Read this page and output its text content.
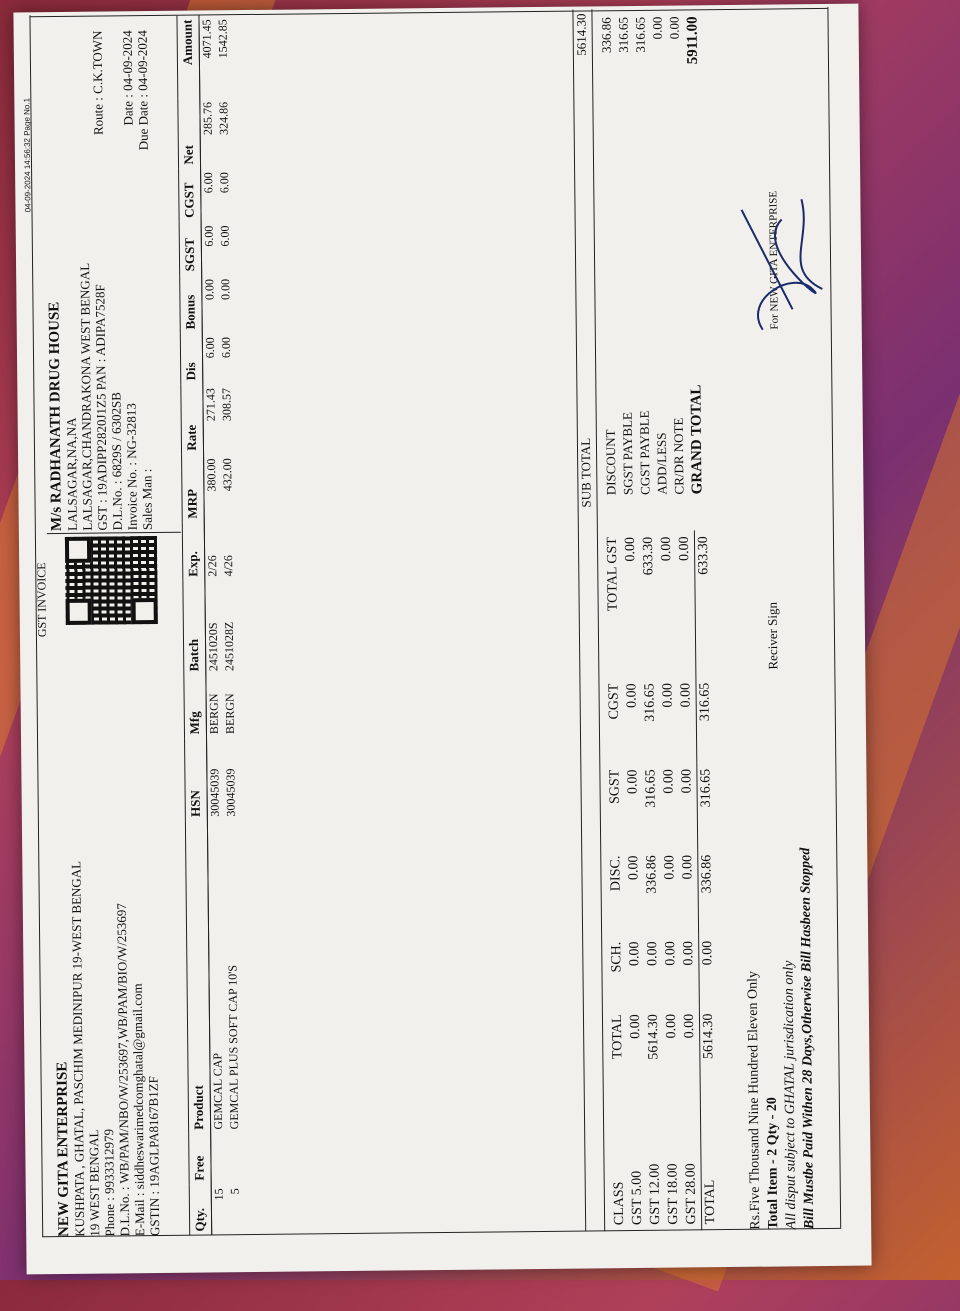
04-09-2024 14:56:32 Page No.1
GST INVOICE
NEW GITA ENTERPRISE
KUSHPATA , GHATAL, PASCHIM MEDINIPUR 19-WEST BENGAL
19 WEST BENGAL
Phone : 9933312979
D.L.No. : WB/PAM/NBO/W/253697,WB/PAM/BIO/W/253697
E-Mail : siddheswarimedcomghatal@gmail.com
GSTIN : 19AGLPA8167B1ZF
M/s RADHANATH DRUG HOUSE LALSAGAR,NA,NA
LALSAGAR,CHANDRAKONA WEST BENGAL
GST : 19ADIPP2820J1Z5 PAN : ADIPA7528F
Route : C.K.TOWN
D.L.No. : 6829S / 6302SB
Invoice No. : NG-32813
Date : 04-09-2024
Sales Man :
Due Date : 04-09-2024
Qty.	Free	Product	HSN	Mfg	Batch	Exp.	MRP	Rate	Dis	Bonus	SGST	CGST	Net	Amount
15		GEMCAL CAP	30045039	BERGN	2451020S	2/26	380.00	271.43	6.00	0.00	6.00	6.00	285.76	4071.45
5		GEMCAL PLUS SOFT CAP 10'S	30045039	BERGN	2451028Z	4/26	432.00	308.57	6.00	0.00	6.00	6.00	324.86	1542.85
SUB TOTAL
5614.30
CLASS	TOTAL	SCH.	DISC.	SGST	CGST	TOTAL GST
GST 5.00	0.00	0.00	0.00	0.00	0.00	0.00
GST 12.00	5614.30	0.00	336.86	316.65	316.65	633.30
GST 18.00	0.00	0.00	0.00	0.00	0.00	0.00
GST 28.00	0.00	0.00	0.00	0.00	0.00	0.00
TOTAL	5614.30	0.00	336.86	316.65	316.65	633.30
DISCOUNT	336.86
SGST PAYBLE	316.65
CGST PAYBLE	316.65
ADD/LESS	0.00
CR/DR NOTE	0.00
GRAND TOTAL	5911.00
Rs.Five Thousand Nine Hundred Eleven Only Total Item - 2 Qty - 20 All disput subject to GHATAL jurisdication only Bill Mustbe Paid Withen 28 Days,Otherwise Bill Hasbeen Stopped
Reciver Sign
For NEW GITA ENTERPRISE
